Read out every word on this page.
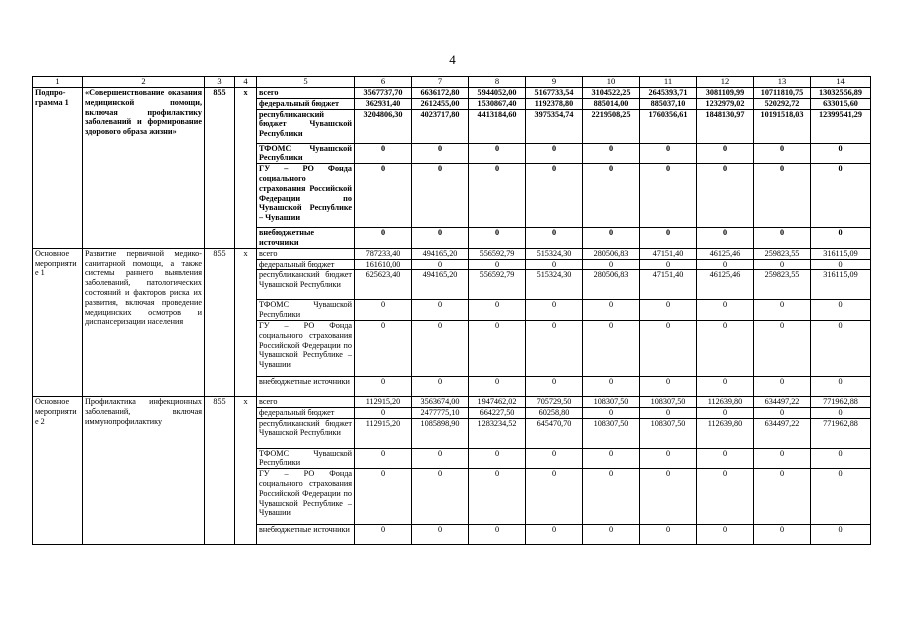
4
1	2	3	4	5	6	7	8	9	10	11	12	13	14
Подпро-грамма 1	«Совершенствование оказания медицинской помощи, включая профилактику заболеваний и формирование здорового образа жизни»	855	x	всего	3567737,70	6636172,80	5944052,00	5167733,54	3104522,25	2645393,71	3081109,99	10711810,75	13032556,89
				федеральный бюджет	362931,40	2612455,00	1530867,40	1192378,80	885014,00	885037,10	1232979,02	520292,72	633015,60
				республиканский бюджет Чувашской Республики	3204806,30	4023717,80	4413184,60	3975354,74	2219508,25	1760356,61	1848130,97	10191518,03	12399541,29
				ТФОМС Чувашской Республики	0	0	0	0	0	0	0	0	0
				ГУ – РО Фонда социального страхования Российской Федерации по Чувашской Республике – Чувашии	0	0	0	0	0	0	0	0	0
				внебюджетные источники	0	0	0	0	0	0	0	0	0
Основное мероприятие 1	Развитие первичной медико-санитарной помощи, а также системы раннего выявления заболеваний, патологических состояний и факторов риска их развития, включая проведение медицинских осмотров и диспансеризации населения	855	x	всего	787233,40	494165,20	556592,79	515324,30	280506,83	47151,40	46125,46	259823,55	316115,09
				федеральный бюджет	161610,00	0	0	0	0	0	0	0	0
				республиканский бюджет Чувашской Республики	625623,40	494165,20	556592,79	515324,30	280506,83	47151,40	46125,46	259823,55	316115,09
				ТФОМС Чувашской Республики	0	0	0	0	0	0	0	0	0
				ГУ – РО Фонда социального страхования Российской Федерации по Чувашской Республике – Чувашии	0	0	0	0	0	0	0	0	0
				внебюджетные источники	0	0	0	0	0	0	0	0	0
Основное мероприятие 2	Профилактика инфекционных заболеваний, включая иммунопрофилактику	855	x	всего	112915,20	3563674,00	1947462,02	705729,50	108307,50	108307,50	112639,80	634497,22	771962,88
				федеральный бюджет	0	2477775,10	664227,50	60258,80	0	0	0	0	0
				республиканский бюджет Чувашской Республики	112915,20	1085898,90	1283234,52	645470,70	108307,50	108307,50	112639,80	634497,22	771962,88
				ТФОМС Чувашской Республики	0	0	0	0	0	0	0	0	0
				ГУ – РО Фонда социального страхования Российской Федерации по Чувашской Республике – Чувашии	0	0	0	0	0	0	0	0	0
				внебюджетные источники	0	0	0	0	0	0	0	0	0
